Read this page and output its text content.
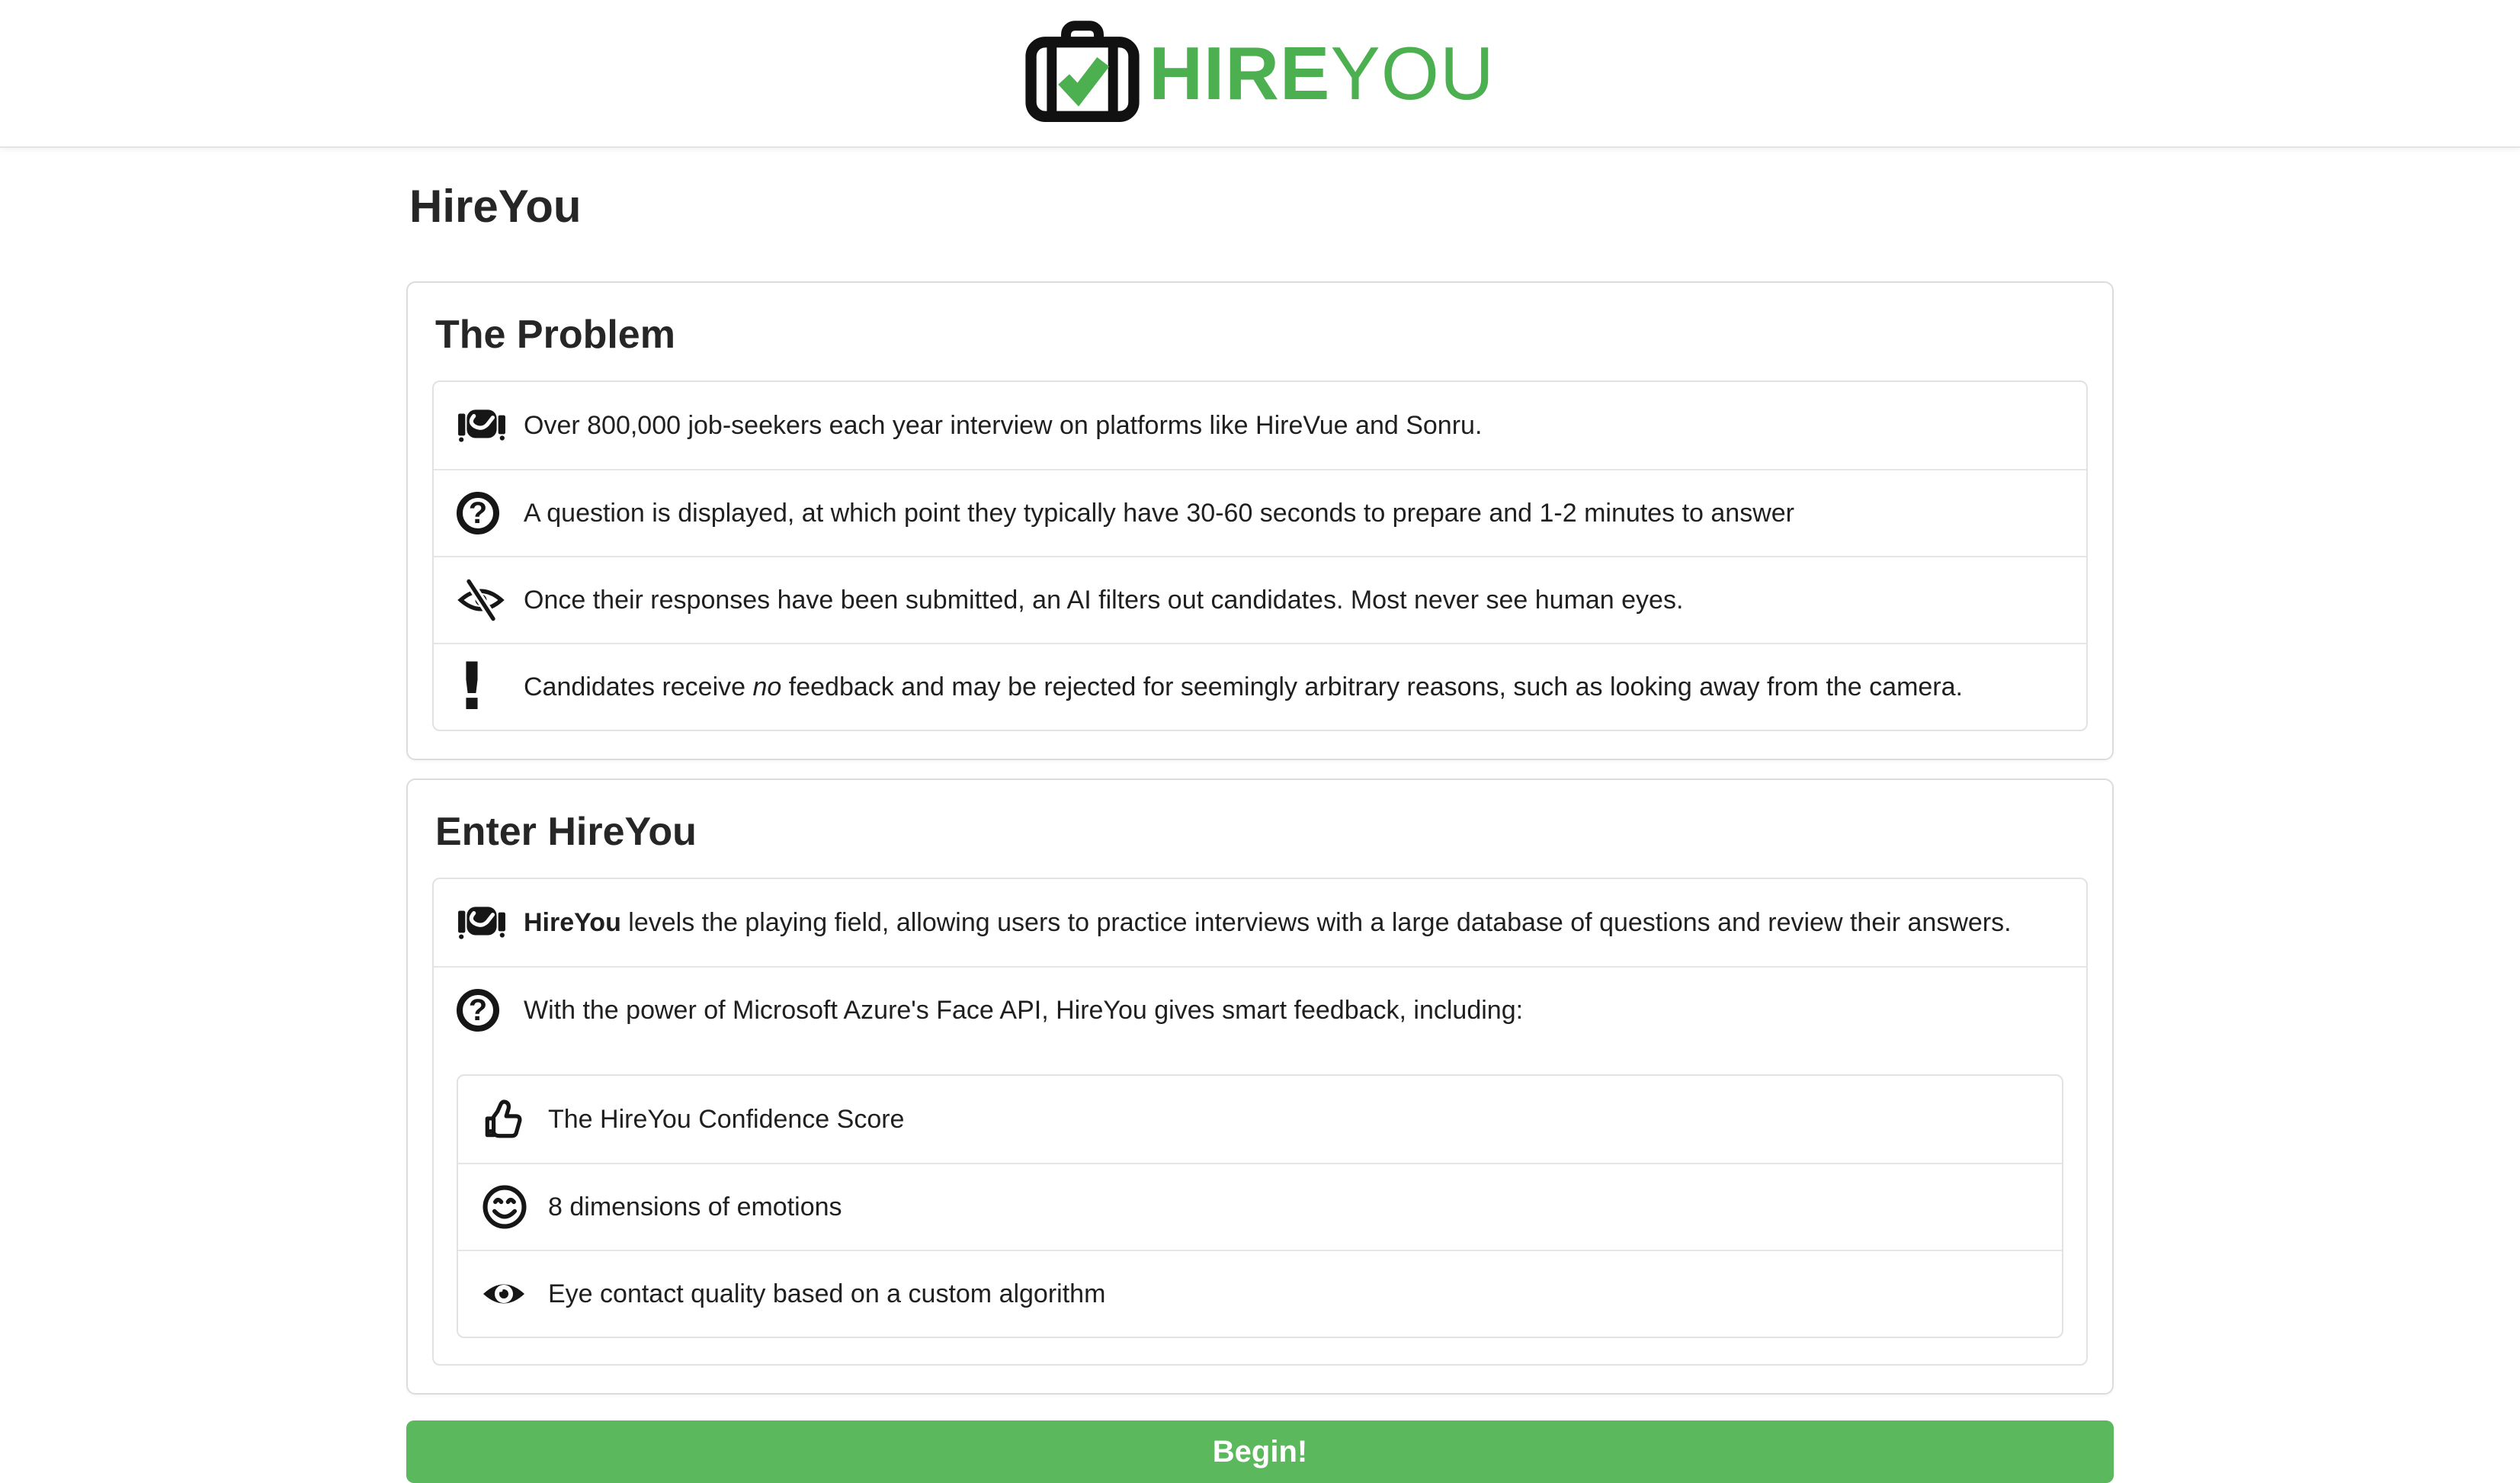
HIREYOU
HireYou
The Problem
Over 800,000 job-seekers each year interview on platforms like HireVue and Sonru.
?	A question is displayed, at which point they typically have 30-60 seconds to prepare and 1-2 minutes to answer
Once their responses have been submitted, an AI filters out candidates. Most never see human eyes.
! Candidates receive no feedback and may be rejected for seemingly arbitrary reasons, such as looking away from the camera.
Enter HireYou
HireYou levels the playing field, allowing users to practice interviews with a large database of questions and review their answers.
?	With the power of Microsoft Azure's Face API, HireYou gives smart feedback, including:
The HireYou Confidence Score
8 dimensions of emotions
Eye contact quality based on a custom algorithm
Begin!
